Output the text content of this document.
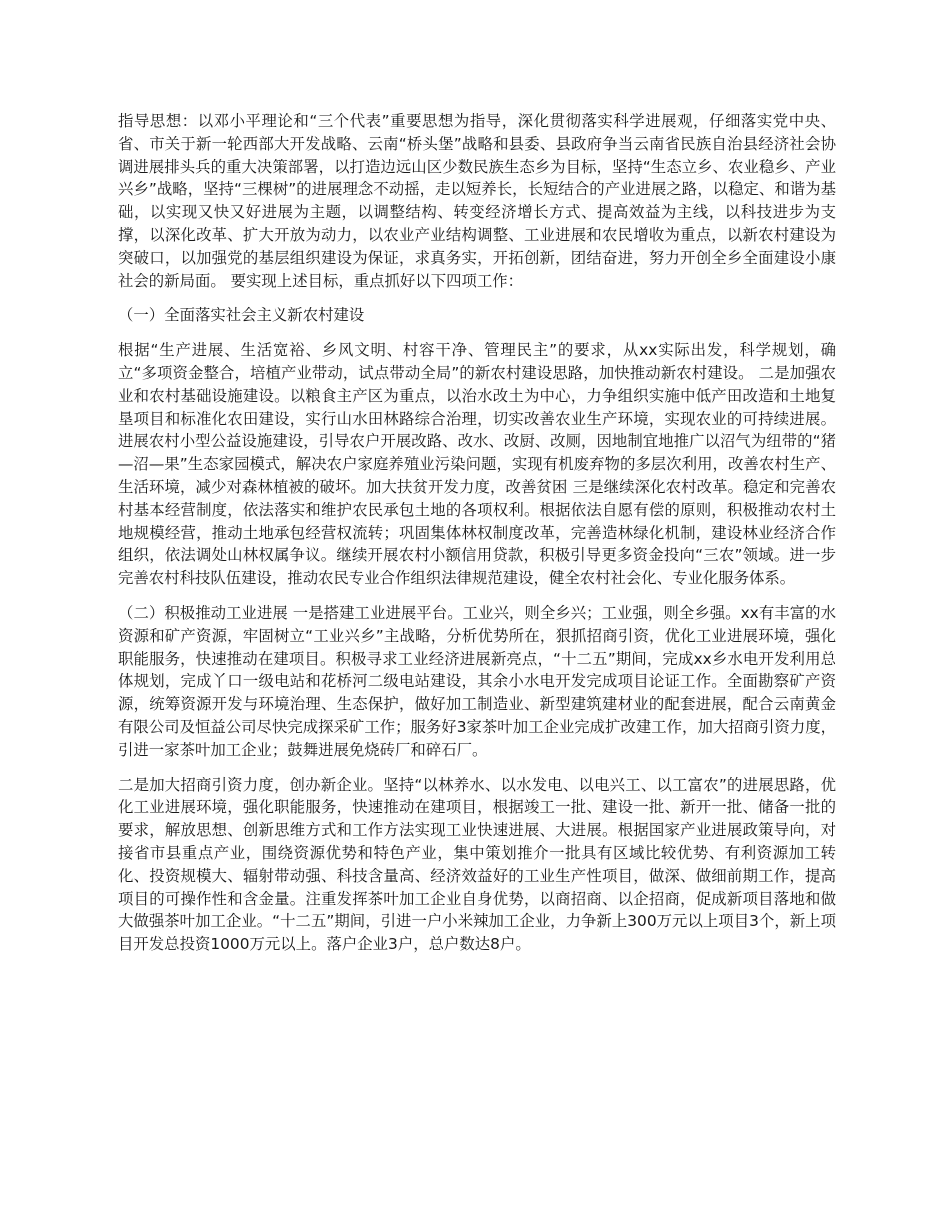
指导思想：以邓小平理论和“三个代表”重要思想为指导，深化贯彻落实科学进展观，仔细落实党中央、省、市关于新一轮西部大开发战略、云南“桥头堡”战略和县委、县政府争当云南省民族自治县经济社会协调进展排头兵的重大决策部署，以打造边远山区少数民族生态乡为目标，坚持“生态立乡、农业稳乡、产业兴乡”战略，坚持“三棵树”的进展理念不动摇，走以短养长，长短结合的产业进展之路，以稳定、和谐为基础，以实现又快又好进展为主题，以调整结构、转变经济增长方式、提高效益为主线，以科技进步为支撑，以深化改革、扩大开放为动力，以农业产业结构调整、工业进展和农民增收为重点，以新农村建设为突破口，以加强党的基层组织建设为保证，求真务实，开拓创新，团结奋进，努力开创全乡全面建设小康社会的新局面。 要实现上述目标，重点抓好以下四项工作：

（一）全面落实社会主义新农村建设

根据“生产进展、生活宽裕、乡风文明、村容干净、管理民主”的要求，从xx实际出发，科学规划，确立“多项资金整合，培植产业带动，试点带动全局”的新农村建设思路，加快推动新农村建设。 二是加强农业和农村基础设施建设。以粮食主产区为重点，以治水改土为中心，力争组织实施中低产田改造和土地复垦项目和标准化农田建设，实行山水田林路综合治理，切实改善农业生产环境，实现农业的可持续进展。进展农村小型公益设施建设，引导农户开展改路、改水、改厨、改厕，因地制宜地推广以沼气为纽带的“猪—沼—果”生态家园模式，解决农户家庭养殖业污染问题，实现有机废弃物的多层次利用，改善农村生产、生活环境，减少对森林植被的破坏。加大扶贫开发力度，改善贫困 三是继续深化农村改革。稳定和完善农村基本经营制度，依法落实和维护农民承包土地的各项权利。根据依法自愿有偿的原则，积极推动农村土地规模经营，推动土地承包经营权流转；巩固集体林权制度改革，完善造林绿化机制，建设林业经济合作组织，依法调处山林权属争议。继续开展农村小额信用贷款，积极引导更多资金投向“三农”领域。进一步完善农村科技队伍建设，推动农民专业合作组织法律规范建设，健全农村社会化、专业化服务体系。

（二）积极推动工业进展 一是搭建工业进展平台。工业兴，则全乡兴；工业强，则全乡强。xx有丰富的水资源和矿产资源，牢固树立“工业兴乡”主战略，分析优势所在，狠抓招商引资，优化工业进展环境，强化职能服务，快速推动在建项目。积极寻求工业经济进展新亮点，“十二五”期间，完成xx乡水电开发利用总体规划，完成丫口一级电站和花桥河二级电站建设，其余小水电开发完成项目论证工作。全面勘察矿产资源，统筹资源开发与环境治理、生态保护，做好加工制造业、新型建筑建材业的配套进展，配合云南黄金有限公司及恒益公司尽快完成探采矿工作；服务好3家茶叶加工企业完成扩改建工作，加大招商引资力度，引进一家茶叶加工企业；鼓舞进展免烧砖厂和碎石厂。

二是加大招商引资力度，创办新企业。坚持“以林养水、以水发电、以电兴工、以工富农”的进展思路，优化工业进展环境，强化职能服务，快速推动在建项目，根据竣工一批、建设一批、新开一批、储备一批的要求，解放思想、创新思维方式和工作方法实现工业快速进展、大进展。根据国家产业进展政策导向，对接省市县重点产业，围绕资源优势和特色产业，集中策划推介一批具有区域比较优势、有利资源加工转化、投资规模大、辐射带动强、科技含量高、经济效益好的工业生产性项目，做深、做细前期工作，提高项目的可操作性和含金量。注重发挥茶叶加工企业自身优势，以商招商、以企招商，促成新项目落地和做大做强茶叶加工企业。“十二五”期间，引进一户小米辣加工企业，力争新上300万元以上项目3个，新上项目开发总投资1000万元以上。落户企业3户，总户数达8户。
